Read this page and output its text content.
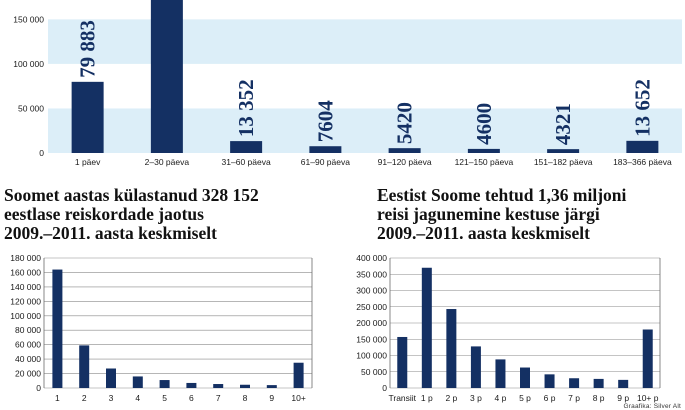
150 000
100 000
50 000
0
79 883
13 352	7604	5420	4600	4321	13 652
1 päev	2–30 päeva	31–60 päeva	61–90 päeva	91–120 päeva	121–150 päeva 151–182 päeva 183–366 päeva
Soomet aastas külastanud 328 152
eestlase reiskordade jaotus
2009.–2011. aasta keskmiselt
180 000
160 000
140 000
120 000
100 000
80 000
60 000
40 000
20 000
0
1	2	3	4	5	6	7	8	9 10+
Eestist Soome tehtud 1,36 miljoni
reisi jagunemine kestuse järgi
2009.–2011. aasta keskmiselt
400 000
350 000
300 000
250 000
200 000
150 000
100 000
50 000
0
Transiit 1 p 2 p 3 p 4 p 5 p 6 p 7 p 8 p 9 p 10+ p
Graafika: Silver Alt
